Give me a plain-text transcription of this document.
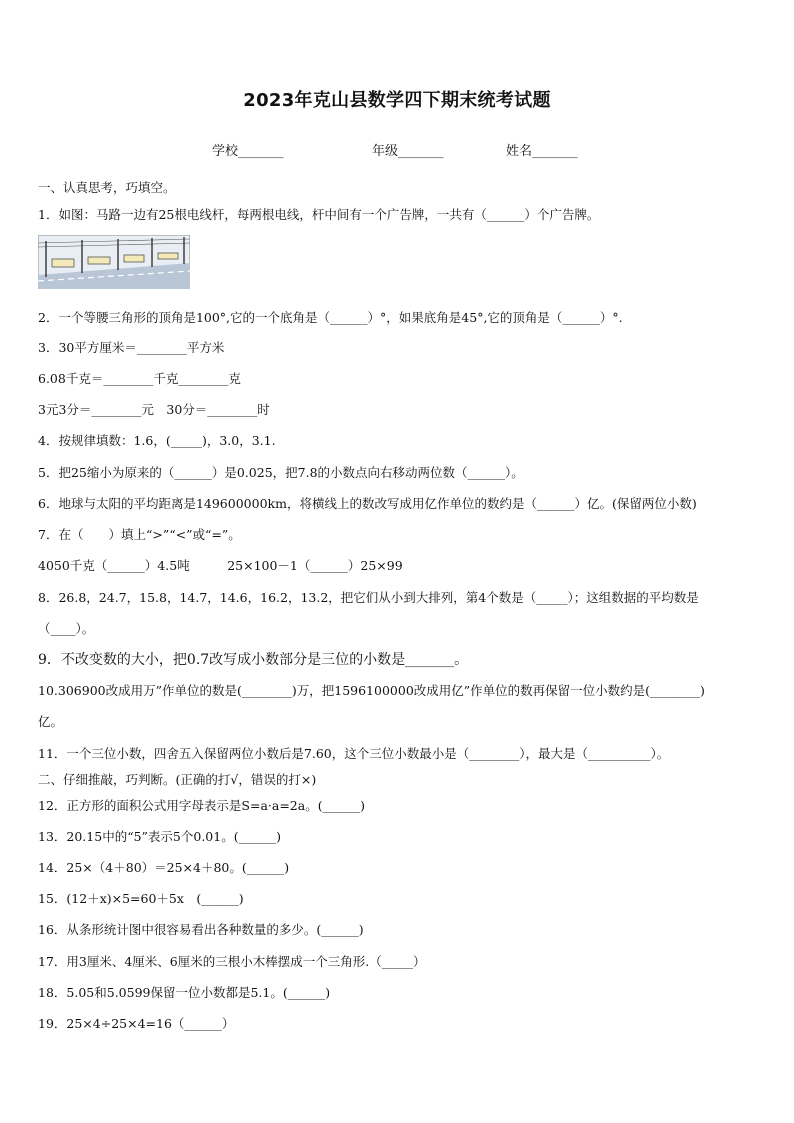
2023年克山县数学四下期末统考试题
学校_______	年级_______	姓名_______
一、认真思考，巧填空。
1．如图：马路一边有25根电线杆，每两根电线，杆中间有一个广告牌，一共有（______）个广告牌。
2．一个等腰三角形的顶角是100°,它的一个底角是（______）°，如果底角是45°,它的顶角是（______）°.
3．30平方厘米＝________平方米
6.08千克＝________千克________克
3元3分＝________元　30分＝________时
4．按规律填数：1.6，(_____)，3.0，3.1.
5．把25缩小为原来的（______）是0.025，把7.8的小数点向右移动两位数（______）。
6．地球与太阳的平均距离是149600000km，将横线上的数改写成用亿作单位的数约是（______）亿。(保留两位小数)
7．在（　　）填上“>”“<”或“=”。
4050千克（______）4.5吨　　　25×100－1（______）25×99
8．26.8，24.7，15.8，14.7，14.6，16.2，13.2，把它们从小到大排列，第4个数是（_____）；这组数据的平均数是
（____）。
9．不改变数的大小，把0.7改写成小数部分是三位的小数是_______。
10.306900改成用万”作单位的数是(________)万，把1596100000改成用亿”作单位的数再保留一位小数约是(________)
亿。
11．一个三位小数，四舍五入保留两位小数后是7.60，这个三位小数最小是（________），最大是（__________）。
二、仔细推敲，巧判断。(正确的打√，错误的打×)
12．正方形的面积公式用字母表示是S=a·a=2a。(______)
13．20.15中的“5”表示5个0.01。(______)
14．25×（4＋80）＝25×4＋80。(______)
15．(12＋x)×5=60＋5x　(______)
16．从条形统计图中很容易看出各种数量的多少。(______)
17．用3厘米、4厘米、6厘米的三根小木棒摆成一个三角形.（_____）
18．5.05和5.0599保留一位小数都是5.1。(______)
19．25×4÷25×4=16（______）
